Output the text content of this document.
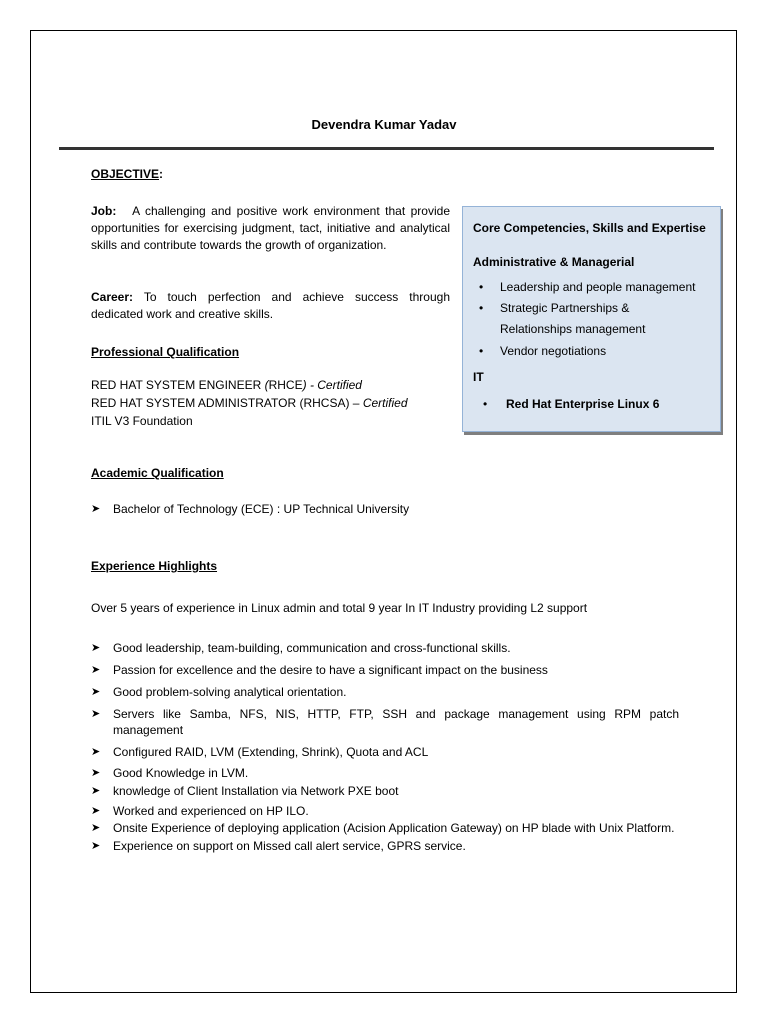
Devendra Kumar Yadav
OBJECTIVE:
Job: A challenging and positive work environment that provide opportunities for exercising judgment, tact, initiative and analytical skills and contribute towards the growth of organization.
Career: To touch perfection and achieve success through dedicated work and creative skills.
Professional Qualification
RED HAT SYSTEM ENGINEER (RHCE) - Certified
RED HAT SYSTEM ADMINISTRATOR (RHCSA) – Certified
ITIL V3 Foundation
Academic Qualification
➤ Bachelor of Technology (ECE) : UP Technical University
Experience Highlights
Over 5 years of experience in Linux admin and total 9 year In IT Industry providing L2 support
➤ Good leadership, team-building, communication and cross-functional skills.
➤ Passion for excellence and the desire to have a significant impact on the business
➤ Good problem-solving analytical orientation.
➤ Servers like Samba, NFS, NIS, HTTP, FTP, SSH and package management using RPM patch management
➤ Configured RAID, LVM (Extending, Shrink), Quota and ACL
➤ Good Knowledge in LVM.
➤ knowledge of Client Installation via Network PXE boot
➤ Worked and experienced on HP ILO.
➤ Onsite Experience of deploying application (Acision Application Gateway) on HP blade with Unix Platform.
➤ Experience on support on Missed call alert service, GPRS service.
Core Competencies, Skills and Expertise
Administrative & Managerial
• Leadership and people management
• Strategic Partnerships &
Relationships management
• Vendor negotiations
IT
• Red Hat Enterprise Linux 6
